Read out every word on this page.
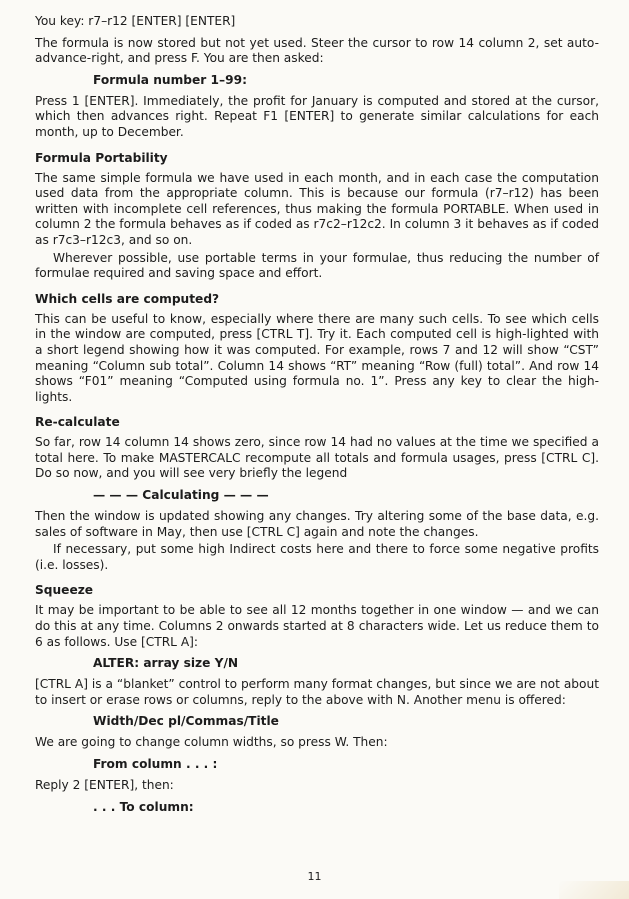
You key: r7–r12 [ENTER] [ENTER]

The formula is now stored but not yet used. Steer the cursor to row 14 column 2, set auto-advance-right, and press F. You are then asked:

Formula number 1–99:

Press 1 [ENTER]. Immediately, the profit for January is computed and stored at the cursor, which then advances right. Repeat F1 [ENTER] to generate similar calculations for each month, up to December.

Formula Portability

The same simple formula we have used in each month, and in each case the computation used data from the appropriate column. This is because our formula (r7–r12) has been written with incomplete cell references, thus making the formula PORTABLE. When used in column 2 the formula behaves as if coded as r7c2–r12c2. In column 3 it behaves as if coded as r7c3–r12c3, and so on.

Wherever possible, use portable terms in your formulae, thus reducing the number of formulae required and saving space and effort.

Which cells are computed?

This can be useful to know, especially where there are many such cells. To see which cells in the window are computed, press [CTRL T]. Try it. Each computed cell is high-lighted with a short legend showing how it was computed. For example, rows 7 and 12 will show “CST” meaning “Column sub total”. Column 14 shows “RT” meaning “Row (full) total”. And row 14 shows “F01” meaning “Computed using formula no. 1”. Press any key to clear the high-lights.

Re-calculate

So far, row 14 column 14 shows zero, since row 14 had no values at the time we specified a total here. To make MASTERCALC recompute all totals and formula usages, press [CTRL C]. Do so now, and you will see very briefly the legend

— — — Calculating — — —

Then the window is updated showing any changes. Try altering some of the base data, e.g. sales of software in May, then use [CTRL C] again and note the changes.

If necessary, put some high Indirect costs here and there to force some negative profits (i.e. losses).

Squeeze

It may be important to be able to see all 12 months together in one window — and we can do this at any time. Columns 2 onwards started at 8 characters wide. Let us reduce them to 6 as follows. Use [CTRL A]:

ALTER: array size Y/N

[CTRL A] is a “blanket” control to perform many format changes, but since we are not about to insert or erase rows or columns, reply to the above with N. Another menu is offered:

Width/Dec pl/Commas/Title

We are going to change column widths, so press W. Then:

From column . . . :

Reply 2 [ENTER], then:

. . . To column:
11
